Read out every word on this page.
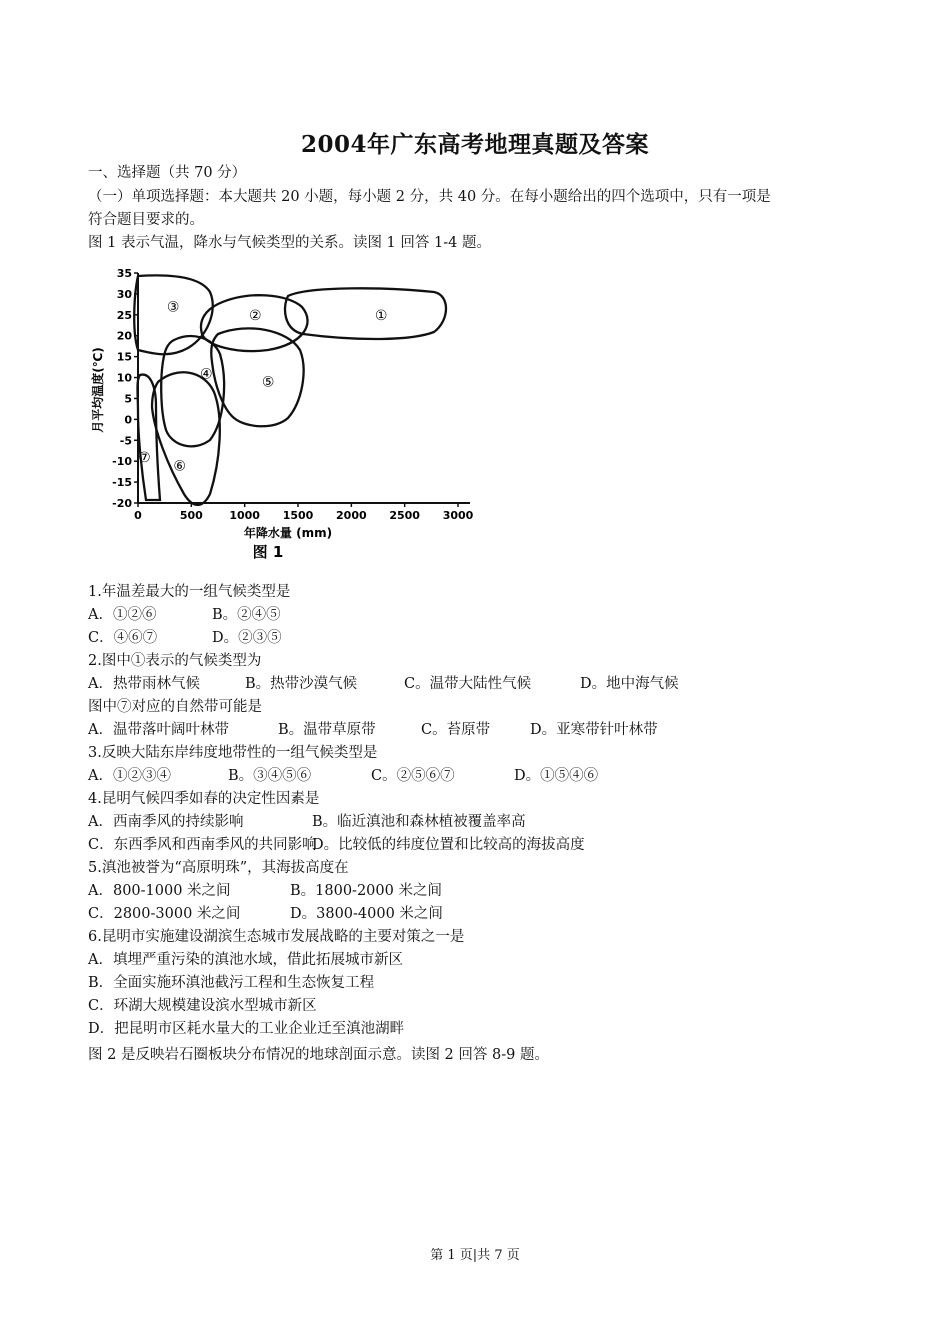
2004年广东高考地理真题及答案
一、选择题（共 70 分）
（一）单项选择题：本大题共 20 小题，每小题 2 分，共 40 分。在每小题给出的四个选项中，只有一项是
符合题目要求的。
图 1 表示气温，降水与气候类型的关系。读图 1 回答 1-4 题。
35
30
25
20
15
10
5
0
-5
-10
-15
-20
0	500 1000 1500 2000 2500 3000
①
②
③
④
⑤
⑥
⑦
月平均温度(℃)
年降水量 (mm)
图 1
1.年温差最大的一组气候类型是
A．①②⑥	B。②④⑤
C．④⑥⑦	D。②③⑤
2.图中①表示的气候类型为
A．热带雨林气候	B。热带沙漠气候	C。温带大陆性气候	D。地中海气候
图中⑦对应的自然带可能是
A．温带落叶阔叶林带	B。温带草原带	C。苔原带	D。亚寒带针叶林带
3.反映大陆东岸纬度地带性的一组气候类型是
A．①②③④	B。③④⑤⑥	C。②⑤⑥⑦	D。①⑤④⑥
4.昆明气候四季如春的决定性因素是
A．西南季风的持续影响	B。临近滇池和森林植被覆盖率高
C．东西季风和西南季风的共同影响
D。比较低的纬度位置和比较高的海拔高度
5.滇池被誉为“高原明珠”，其海拔高度在
A．800-1000 米之间	B。1800-2000 米之间
C．2800-3000 米之间	D。3800-4000 米之间
6.昆明市实施建设湖滨生态城市发展战略的主要对策之一是
A．填埋严重污染的滇池水域，借此拓展城市新区
B．全面实施环滇池截污工程和生态恢复工程
C．环湖大规模建设滨水型城市新区
D．把昆明市区耗水量大的工业企业迁至滇池湖畔
图 2 是反映岩石圈板块分布情况的地球剖面示意。读图 2 回答 8-9 题。
第 1 页|共 7 页
